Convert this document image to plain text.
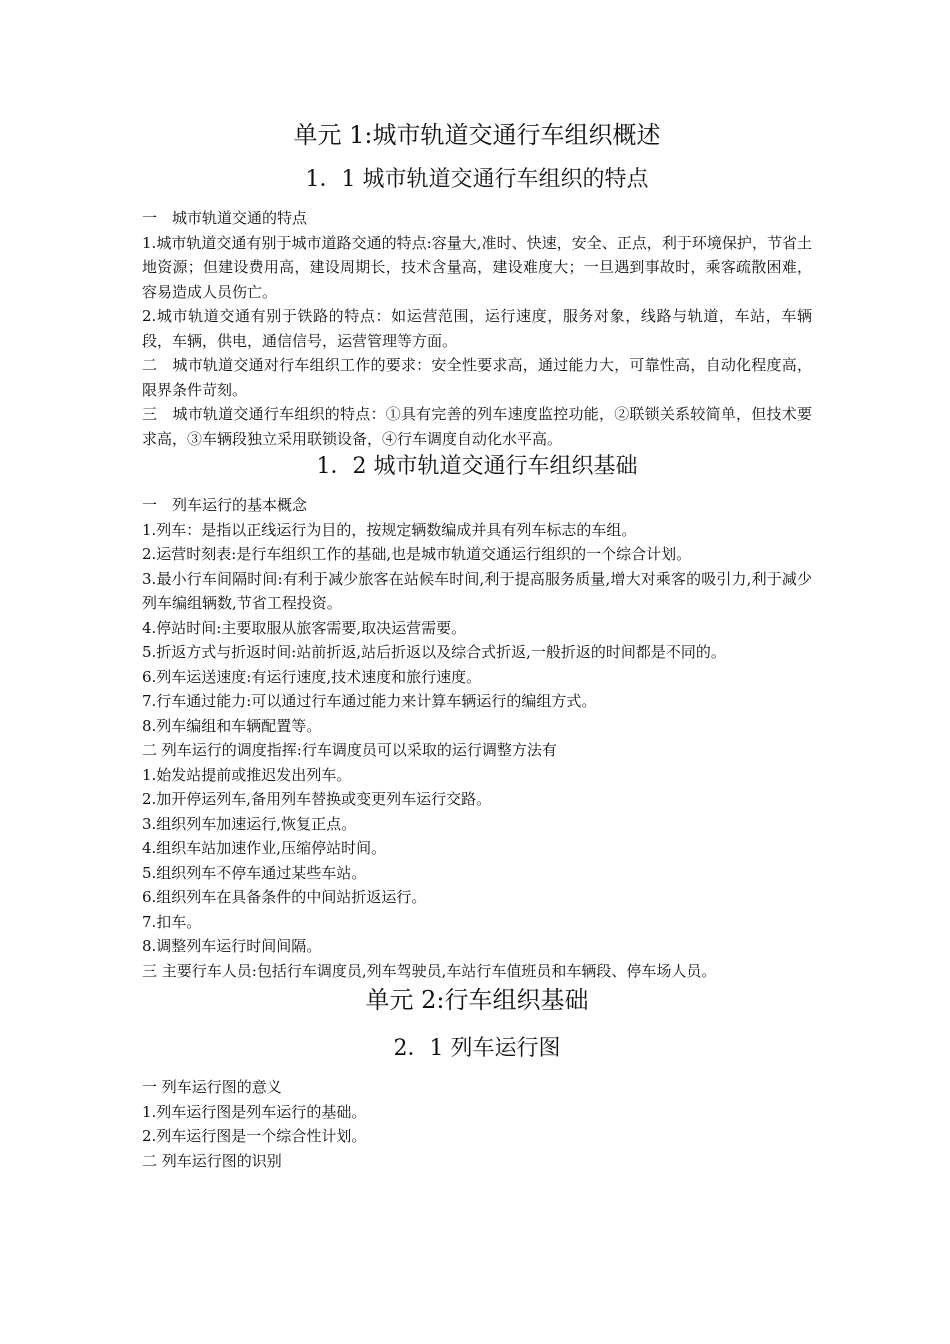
单元 1:城市轨道交通行车组织概述
1．1 城市轨道交通行车组织的特点

一　城市轨道交通的特点

1.城市轨道交通有别于城市道路交通的特点:容量大,准时、快速，安全、正点，利于环境保护，节省土地资源；但建设费用高，建设周期长，技术含量高，建设难度大；一旦遇到事故时，乘客疏散困难，容易造成人员伤亡。

2.城市轨道交通有别于铁路的特点：如运营范围，运行速度，服务对象，线路与轨道，车站，车辆段，车辆，供电，通信信号，运营管理等方面。

二　城市轨道交通对行车组织工作的要求：安全性要求高，通过能力大，可靠性高，自动化程度高，限界条件苛刻。

三　城市轨道交通行车组织的特点：①具有完善的列车速度监控功能，②联锁关系较简单，但技术要求高，③车辆段独立采用联锁设备，④行车调度自动化水平高。

1．2 城市轨道交通行车组织基础

一　列车运行的基本概念

1.列车：是指以正线运行为目的，按规定辆数编成并具有列车标志的车组。

2.运营时刻表:是行车组织工作的基础,也是城市轨道交通运行组织的一个综合计划。

3.最小行车间隔时间:有利于减少旅客在站候车时间,利于提高服务质量,增大对乘客的吸引力,利于减少列车编组辆数,节省工程投资。

4.停站时间:主要取服从旅客需要,取决运营需要。

5.折返方式与折返时间:站前折返,站后折返以及综合式折返,一般折返的时间都是不同的。

6.列车运送速度:有运行速度,技术速度和旅行速度。

7.行车通过能力:可以通过行车通过能力来计算车辆运行的编组方式。

8.列车编组和车辆配置等。

二 列车运行的调度指挥:行车调度员可以采取的运行调整方法有

1.始发站提前或推迟发出列车。

2.加开停运列车,备用列车替换或变更列车运行交路。

3.组织列车加速运行,恢复正点。

4.组织车站加速作业,压缩停站时间。

5.组织列车不停车通过某些车站。

6.组织列车在具备条件的中间站折返运行。

7.扣车。

8.调整列车运行时间间隔。

三 主要行车人员:包括行车调度员,列车驾驶员,车站行车值班员和车辆段、停车场人员。

单元 2:行车组织基础
2．1 列车运行图

一 列车运行图的意义

1.列车运行图是列车运行的基础。

2.列车运行图是一个综合性计划。

二 列车运行图的识别
